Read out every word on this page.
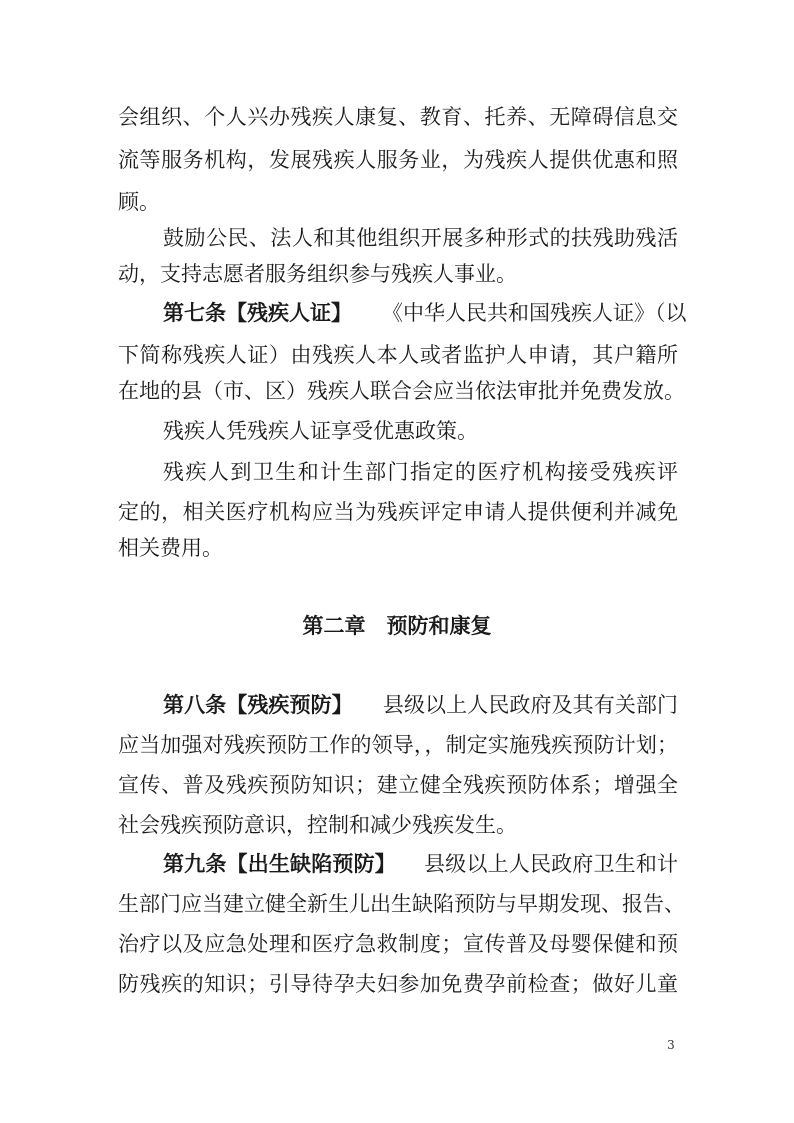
会组织、个人兴办残疾人康复、教育、托养、无障碍信息交
流等服务机构，发展残疾人服务业，为残疾人提供优惠和照
顾。
鼓励公民、法人和其他组织开展多种形式的扶残助残活
动，支持志愿者服务组织参与残疾人事业。
第七条【残疾人证】 《中华人民共和国残疾人证》（以
下简称残疾人证）由残疾人本人或者监护人申请，其户籍所
在地的县（市、区）残疾人联合会应当依法审批并免费发放。
残疾人凭残疾人证享受优惠政策。
残疾人到卫生和计生部门指定的医疗机构接受残疾评
定的，相关医疗机构应当为残疾评定申请人提供便利并减免
相关费用。
第二章　预防和康复
第八条【残疾预防】 县级以上人民政府及其有关部门
应当加强对残疾预防工作的领导，，制定实施残疾预防计划；
宣传、普及残疾预防知识；建立健全残疾预防体系；增强全
社会残疾预防意识，控制和减少残疾发生。
第九条【出生缺陷预防】 县级以上人民政府卫生和计
生部门应当建立健全新生儿出生缺陷预防与早期发现、报告、
治疗以及应急处理和医疗急救制度；宣传普及母婴保健和预
防残疾的知识；引导待孕夫妇参加免费孕前检查；做好儿童
3
